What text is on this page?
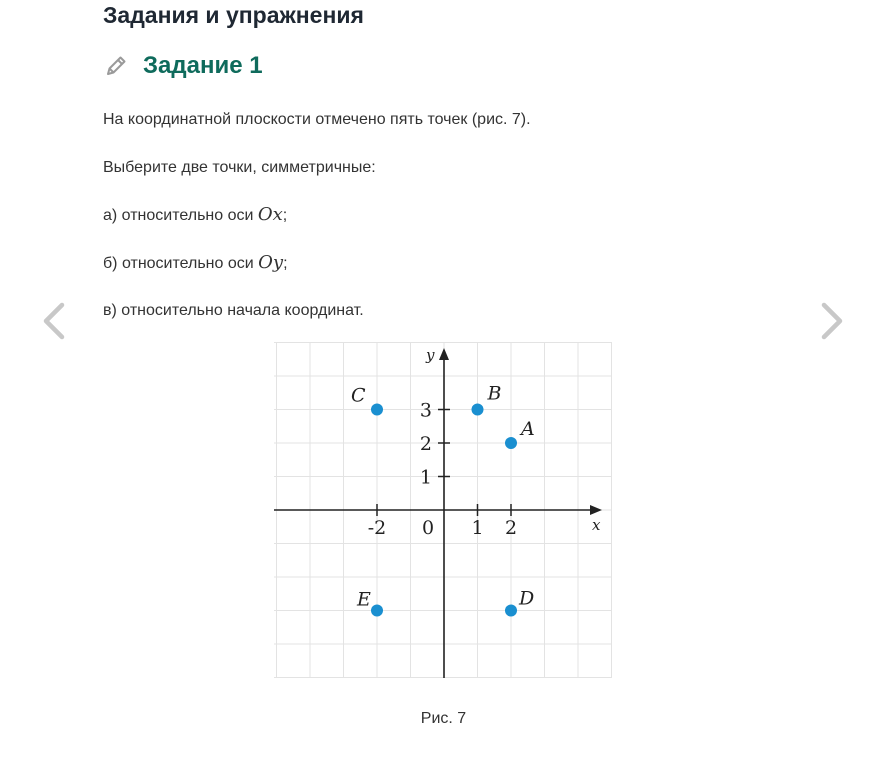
Задания и упражнения
Задание 1

На координатной плоскости отмечено пять точек (рис. 7).

Выберите две точки, симметричные:

а) относительно оси Ox;

б) относительно оси Oy;

в) относительно начала координат.

x
y
0
-2	1 2
1
2
3
A
B
C
D
E

Рис. 7
